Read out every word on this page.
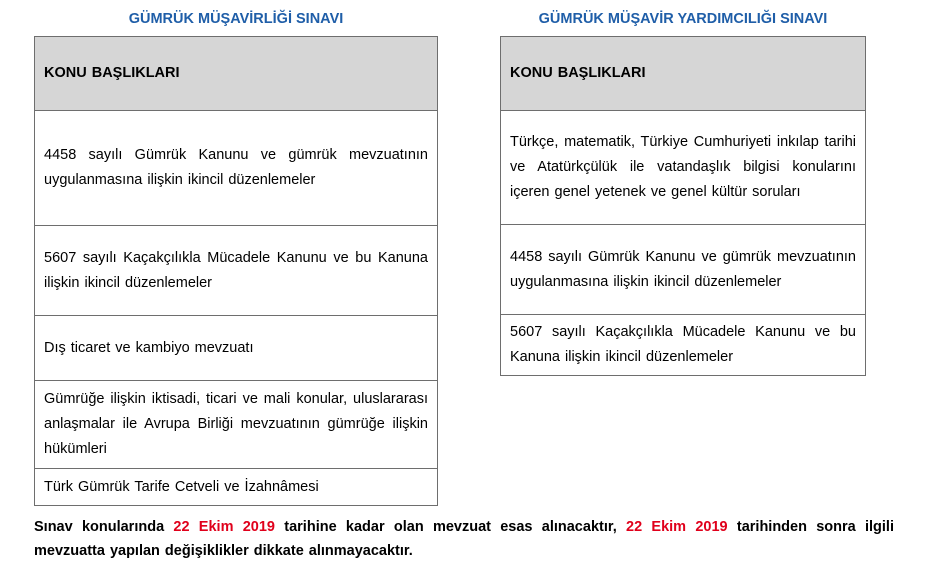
GÜMRÜK MÜŞAVİRLİĞİ SINAVI	GÜMRÜK MÜŞAVİR YARDIMCILIĞI SINAVI
KONU BAŞLIKLARI
4458 sayılı Gümrük Kanunu ve gümrük mevzuatının uygulanmasına ilişkin ikincil düzenlemeler
5607 sayılı Kaçakçılıkla Mücadele Kanunu ve bu Kanuna ilişkin ikincil düzenlemeler
Dış ticaret ve kambiyo mevzuatı
Gümrüğe ilişkin iktisadi, ticari ve mali konular, uluslararası anlaşmalar ile Avrupa Birliği mevzuatının gümrüğe ilişkin hükümleri
Türk Gümrük Tarife Cetveli ve İzahnâmesi
KONU BAŞLIKLARI
Türkçe, matematik, Türkiye Cumhuriyeti inkılap tarihi ve Atatürkçülük ile vatandaşlık bilgisi konularını içeren genel yetenek ve genel kültür soruları
4458 sayılı Gümrük Kanunu ve gümrük mevzuatının uygulanmasına ilişkin ikincil düzenlemeler
5607 sayılı Kaçakçılıkla Mücadele Kanunu ve bu Kanuna ilişkin ikincil düzenlemeler
Sınav konularında 22 Ekim 2019 tarihine kadar olan mevzuat esas alınacaktır, 22 Ekim 2019 tarihinden sonra ilgili mevzuatta yapılan değişiklikler dikkate alınmayacaktır.
